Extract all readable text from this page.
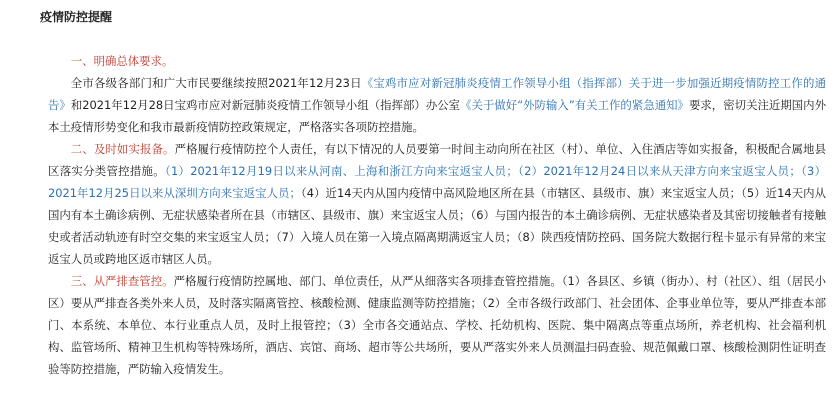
疫情防控提醒

一、明确总体要求。

全市各级各部门和广大市民要继续按照2021年12月23日《宝鸡市应对新冠肺炎疫情工作领导小组（指挥部）关于进一步加强近期疫情防控工作的通告》和2021年12月28日宝鸡市应对新冠肺炎疫情工作领导小组（指挥部）办公室《关于做好“外防输入”有关工作的紧急通知》要求，密切关注近期国内外本土疫情形势变化和我市最新疫情防控政策规定，严格落实各项防控措施。

二、及时如实报备。严格履行疫情防控个人责任，有以下情况的人员要第一时间主动向所在社区（村）、单位、入住酒店等如实报备，积极配合属地县区落实分类管控措施。（1）2021年12月19日以来从河南、上海和浙江方向来宝返宝人员；（2）2021年12月24日以来从天津方向来宝返宝人员；（3）2021年12月25日以来从深圳方向来宝返宝人员；（4）近14天内从国内疫情中高风险地区所在县（市辖区、县级市、旗）来宝返宝人员；（5）近14天内从国内有本土确诊病例、无症状感染者所在县（市辖区、县级市、旗）来宝返宝人员；（6）与国内报告的本土确诊病例、无症状感染者及其密切接触者有接触史或者活动轨迹有时空交集的来宝返宝人员；（7）入境人员在第一入境点隔离期满返宝人员；（8）陕西疫情防控码、国务院大数据行程卡显示有异常的来宝返宝人员或跨地区返市辖区人员。

三、从严排查管控。严格履行疫情防控属地、部门、单位责任，从严从细落实各项排查管控措施。（1）各县区、乡镇（街办）、村（社区）、组（居民小区）要从严排查各类外来人员，及时落实隔离管控、核酸检测、健康监测等防控措施；（2）全市各级行政部门、社会团体、企事业单位等，要从严排查本部门、本系统、本单位、本行业重点人员，及时上报管控；（3）全市各交通站点、学校、托幼机构、医院、集中隔离点等重点场所，养老机构、社会福利机构、监管场所、精神卫生机构等特殊场所，酒店、宾馆、商场、超市等公共场所，要从严落实外来人员测温扫码查验、规范佩戴口罩、核酸检测阴性证明查验等防控措施，严防输入疫情发生。
